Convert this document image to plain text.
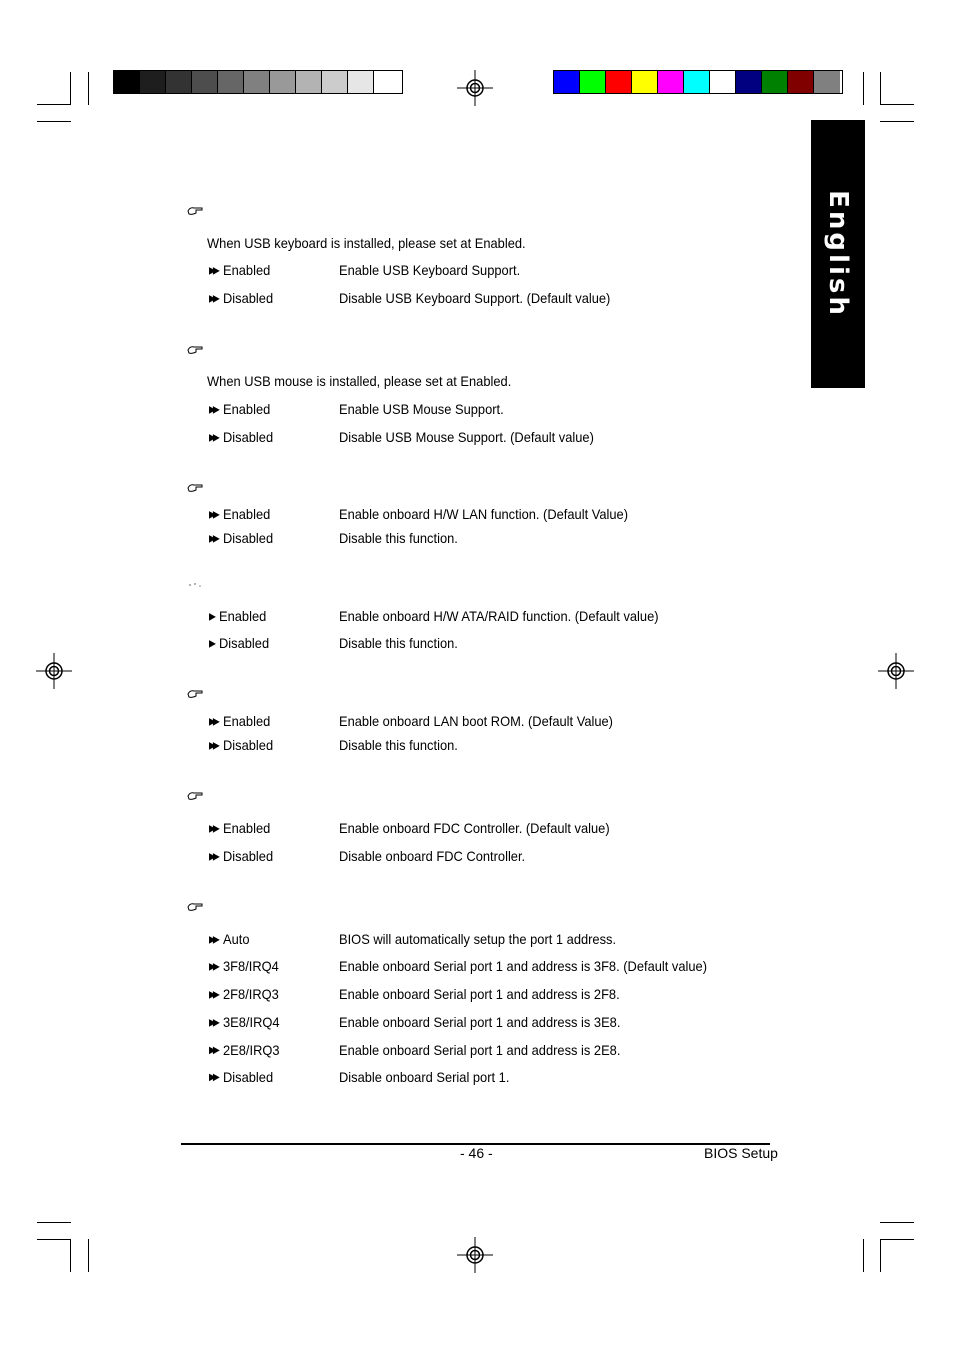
English
When USB keyboard is installed, please set at Enabled.
▶▶ Enabled	Enable USB Keyboard Support.
▶▶ Disabled	Disable USB Keyboard Support. (Default value)
When USB mouse is installed, please set at Enabled.
▶▶ Enabled	Enable USB Mouse Support.
▶▶ Disabled	Disable USB Mouse Support. (Default value)
▶▶ Enabled	Enable onboard H/W LAN function. (Default Value)
▶▶ Disabled	Disable this function.
▶ Enabled	Enable onboard H/W ATA/RAID function. (Default value)
▶ Disabled	Disable this function.
▶▶ Enabled	Enable onboard LAN boot ROM. (Default Value)
▶▶ Disabled	Disable this function.
▶▶ Enabled	Enable onboard FDC Controller. (Default value)
▶▶ Disabled	Disable onboard FDC Controller.
▶▶ Auto	BIOS will automatically setup the port 1 address.
▶▶ 3F8/IRQ4	Enable onboard Serial port 1 and address is 3F8. (Default value)
▶▶ 2F8/IRQ3	Enable onboard Serial port 1 and address is 2F8.
▶▶ 3E8/IRQ4	Enable onboard Serial port 1 and address is 3E8.
▶▶ 2E8/IRQ3	Enable onboard Serial port 1 and address is 2E8.
▶▶ Disabled	Disable onboard Serial port 1.
- 46 -	BIOS Setup
